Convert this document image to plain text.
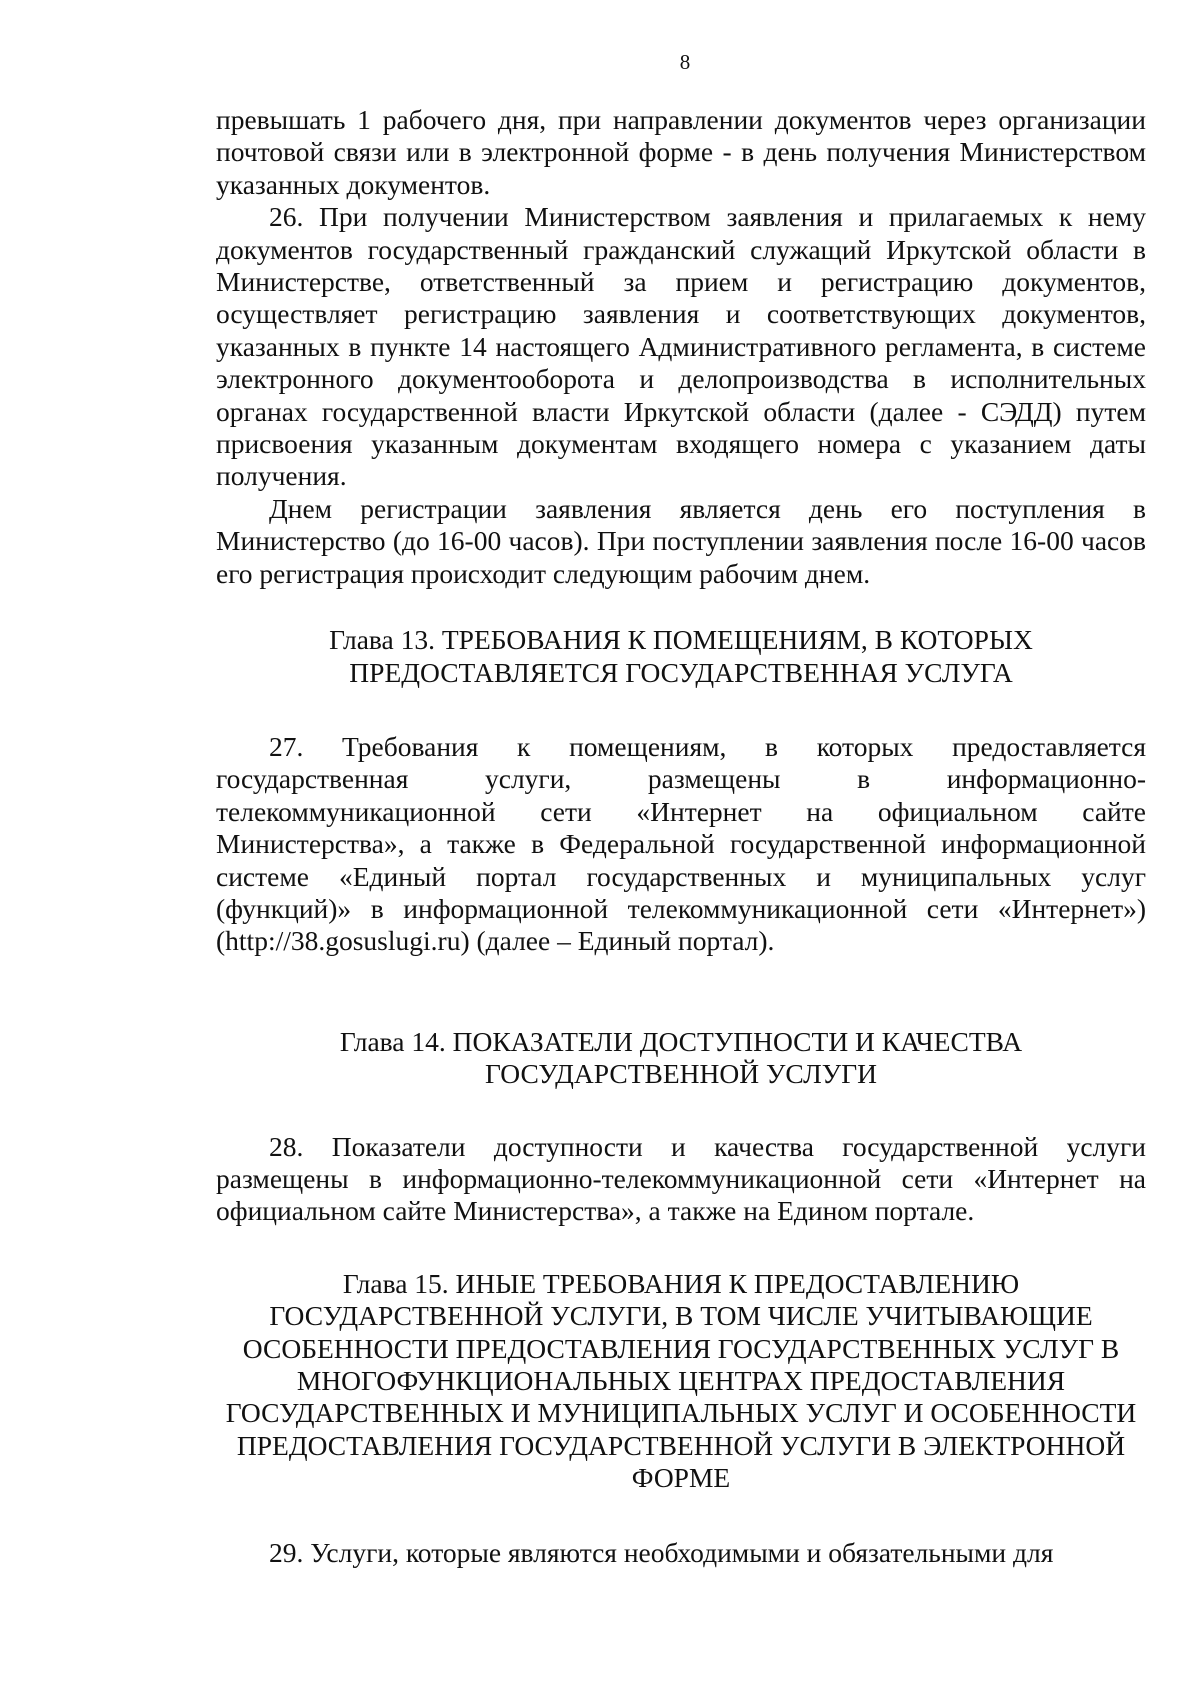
8

превышать 1 рабочего дня, при направлении документов через организации почтовой связи или в электронной форме - в день получения Министерством указанных документов.

26. При получении Министерством заявления и прилагаемых к нему документов государственный гражданский служащий Иркутской области в Министерстве, ответственный за прием и регистрацию документов, осуществляет регистрацию заявления и соответствующих документов, указанных в пункте 14 настоящего Административного регламента, в системе электронного документооборота и делопроизводства в исполнительных органах государственной власти Иркутской области (далее - СЭДД) путем присвоения указанным документам входящего номера с указанием даты получения.

Днем регистрации заявления является день его поступления в Министерство (до 16-00 часов). При поступлении заявления после 16-00 часов его регистрация происходит следующим рабочим днем.

Глава 13. ТРЕБОВАНИЯ К ПОМЕЩЕНИЯМ, В КОТОРЫХ
ПРЕДОСТАВЛЯЕТСЯ ГОСУДАРСТВЕННАЯ УСЛУГА

27. Требования к помещениям, в которых предоставляется государственная услуги, размещены в информационно-телекоммуникационной сети «Интернет на официальном сайте Министерства», а также в Федеральной государственной информационной системе «Единый портал государственных и муниципальных услуг (функций)» в информационной телекоммуникационной сети «Интернет») (http://38.gosuslugi.ru) (далее – Единый портал).

Глава 14. ПОКАЗАТЕЛИ ДОСТУПНОСТИ И КАЧЕСТВА
ГОСУДАРСТВЕННОЙ УСЛУГИ

28. Показатели доступности и качества государственной услуги размещены в информационно-телекоммуникационной сети «Интернет на официальном сайте Министерства», а также на Едином портале.

Глава 15. ИНЫЕ ТРЕБОВАНИЯ К ПРЕДОСТАВЛЕНИЮ
ГОСУДАРСТВЕННОЙ УСЛУГИ, В ТОМ ЧИСЛЕ УЧИТЫВАЮЩИЕ
ОСОБЕННОСТИ ПРЕДОСТАВЛЕНИЯ ГОСУДАРСТВЕННЫХ УСЛУГ В
МНОГОФУНКЦИОНАЛЬНЫХ ЦЕНТРАХ ПРЕДОСТАВЛЕНИЯ
ГОСУДАРСТВЕННЫХ И МУНИЦИПАЛЬНЫХ УСЛУГ И ОСОБЕННОСТИ
ПРЕДОСТАВЛЕНИЯ ГОСУДАРСТВЕННОЙ УСЛУГИ В ЭЛЕКТРОННОЙ
ФОРМЕ

29. Услуги, которые являются необходимыми и обязательными для
